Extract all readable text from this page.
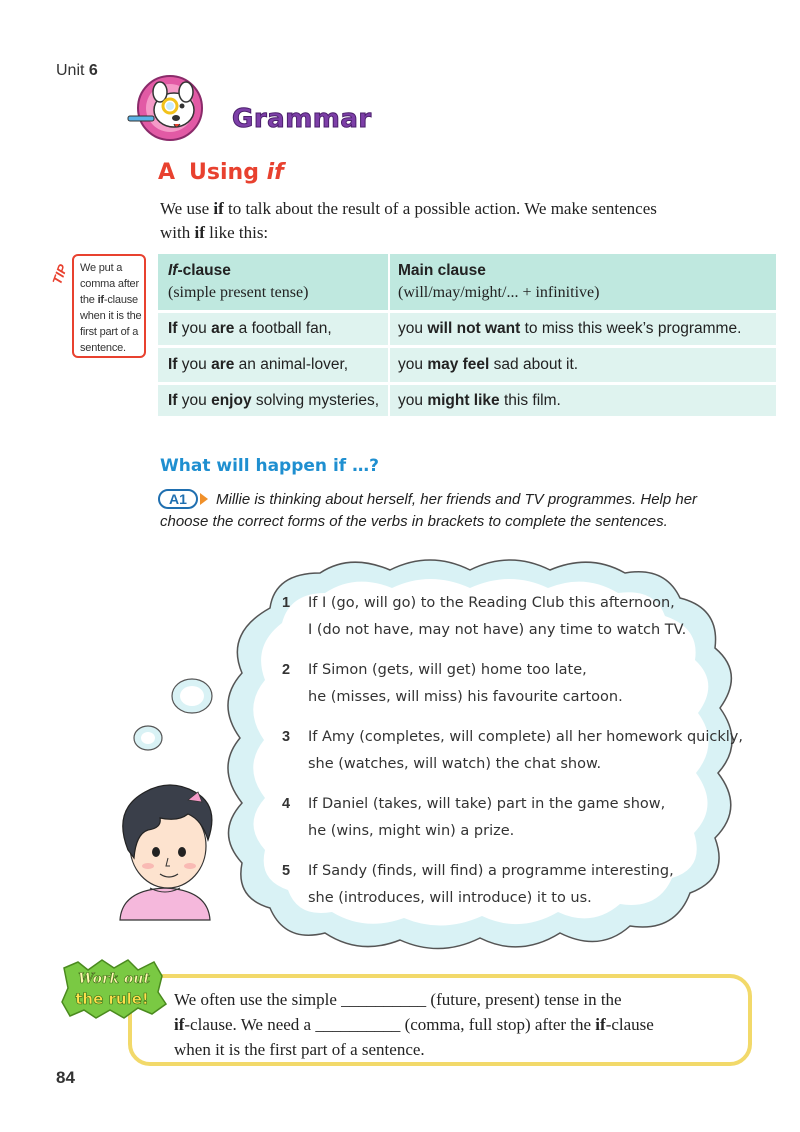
Unit 6
Grammar
A Using if
We use if to talk about the result of a possible action. We make sentences
with if like this:
TIP We put a
comma after
the if-clause
when it is the
first part of a
sentence.
If-clause
(simple present tense)
Main clause
(will/may/might/... + infinitive)
If you are a football fan,	you will not want to miss this week’s programme.
If you are an animal-lover,	you may feel sad about it.
If you enjoy solving mysteries, you might like this film.
What will happen if …?
A1 Millie is thinking about herself, her friends and TV programmes. Help her
choose the correct forms of the verbs in brackets to complete the sentences.
1 If I (go, will go) to the Reading Club this afternoon,
I (do not have, may not have) any time to watch TV.
2 If Simon (gets, will get) home too late,
he (misses, will miss) his favourite cartoon.
3 If Amy (completes, will complete) all her homework quickly,
she (watches, will watch) the chat show.
4 If Daniel (takes, will take) part in the game show,
he (wins, might win) a prize.
5 If Sandy (finds, will find) a programme interesting,
she (introduces, will introduce) it to us.
Work out
the rule! We often use the simple __________ (future, present) tense in the
if-clause. We need a __________ (comma, full stop) after the if-clause
when it is the first part of a sentence.
84
